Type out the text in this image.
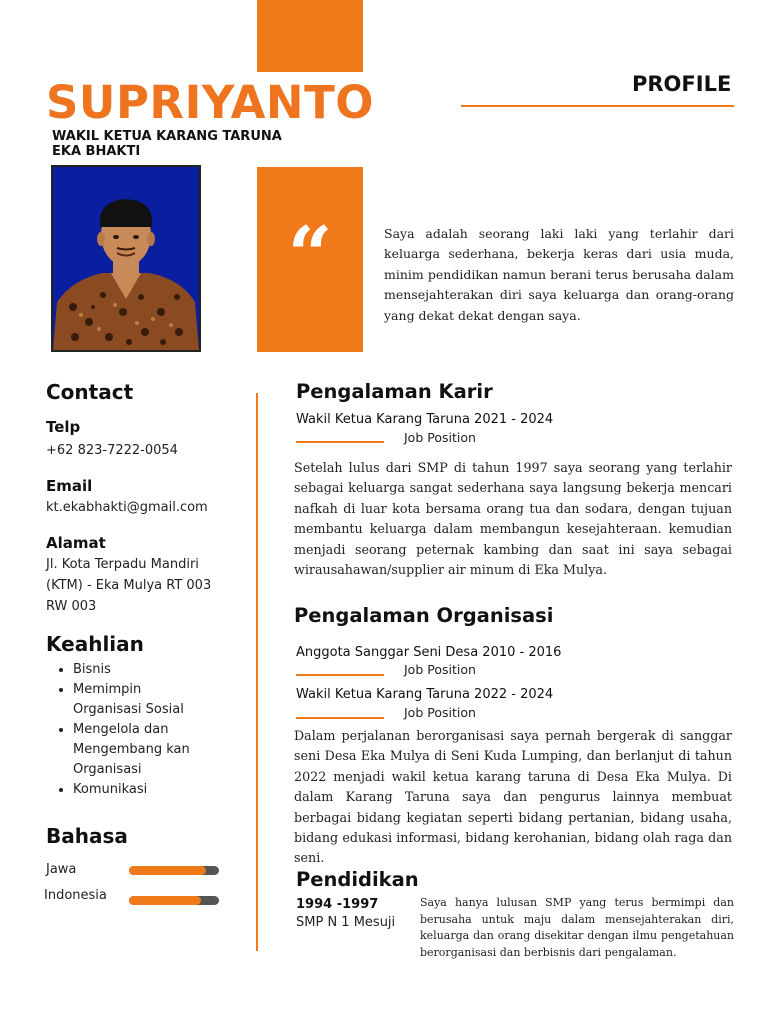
“
SUPRIYANTO
WAKIL KETUA KARANG TARUNA EKA BHAKTI
PROFILE
Saya adalah seorang laki laki yang terlahir dari keluarga sederhana, bekerja keras dari usia muda, minim pendidikan namun berani terus berusaha dalam mensejahterakan diri saya keluarga dan orang-orang yang dekat dekat dengan saya.
Contact
Telp
+62 823-7222-0054
Email
kt.ekabhakti@gmail.com
Alamat
Jl. Kota Terpadu Mandiri (KTM) - Eka Mulya RT 003 RW 003
Keahlian
• Bisnis
• Memimpin Organisasi Sosial
• Mengelola dan Mengembang kan Organisasi
• Komunikasi
Bahasa
Jawa
Indonesia
Pengalaman Karir
Wakil Ketua Karang Taruna 2021 - 2024
Job Position
Setelah lulus dari SMP di tahun 1997 saya seorang yang terlahir sebagai keluarga sangat sederhana saya langsung bekerja mencari nafkah di luar kota bersama orang tua dan sodara, dengan tujuan membantu keluarga dalam membangun kesejahteraan. kemudian menjadi seorang peternak kambing dan saat ini saya sebagai wirausahawan/supplier air minum di Eka Mulya.
Pengalaman Organisasi
Anggota Sanggar Seni Desa 2010 - 2016
Job Position
Wakil Ketua Karang Taruna 2022 - 2024
Job Position
Dalam perjalanan berorganisasi saya pernah bergerak di sanggar seni Desa Eka Mulya di Seni Kuda Lumping, dan berlanjut di tahun 2022 menjadi wakil ketua karang taruna di Desa Eka Mulya. Di dalam Karang Taruna saya dan pengurus lainnya membuat berbagai bidang kegiatan seperti bidang pertanian, bidang usaha, bidang edukasi informasi, bidang kerohanian, bidang olah raga dan seni.
Pendidikan
1994 -1997
SMP N 1 Mesuji
Saya hanya lulusan SMP yang terus bermimpi dan berusaha untuk maju dalam mensejahterakan diri, keluarga dan orang disekitar dengan ilmu pengetahuan berorganisasi dan berbisnis dari pengalaman.
